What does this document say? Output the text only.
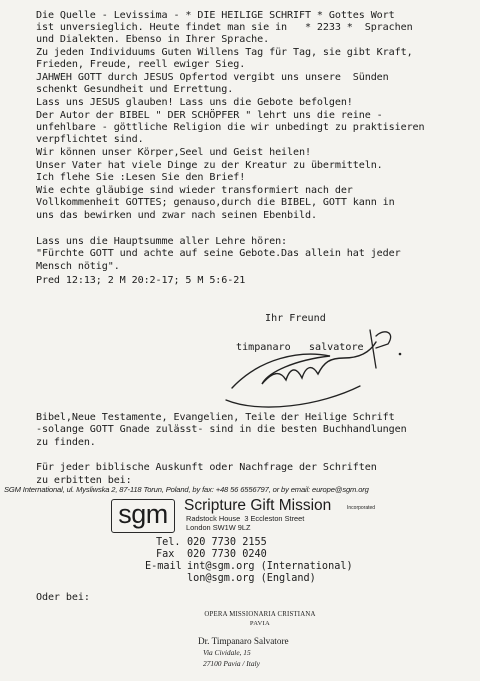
Die Quelle - Levissima - * DIE HEILIGE SCHRIFT * Gottes Wort
ist unversieglich. Heute findet man sie in   * 2233 *  Sprachen
und Dialekten. Ebenso in Ihrer Sprache.
Zu jeden Individuums Guten Willens Tag für Tag, sie gibt Kraft,
Frieden, Freude, reell ewiger Sieg.
JAHWEH GOTT durch JESUS Opfertod vergibt uns unsere  Sünden
schenkt Gesundheit und Errettung.
Lass uns JESUS glauben! Lass uns die Gebote befolgen!
Der Autor der BIBEL " DER SCHÖPFER " lehrt uns die reine -
unfehlbare - göttliche Religion die wir unbedingt zu praktisieren
verpflichtet sind.
Wir können unser Körper,Seel und Geist heilen!
Unser Vater hat viele Dinge zu der Kreatur zu übermitteln.
Ich flehe Sie :Lesen Sie den Brief!
Wie echte gläubige sind wieder transformiert nach der
Vollkommenheit GOTTES; genauso,durch die BIBEL, GOTT kann in
uns das bewirken und zwar nach seinen Ebenbild.
Lass uns die Hauptsumme aller Lehre hören:
"Fürchte GOTT und achte auf seine Gebote.Das allein hat jeder
Mensch nötig".
Pred 12:13; 2 M 20:2-17; 5 M 5:6-21
Ihr Freund
timpanaro   salvatore
Bibel,Neue Testamente, Evangelien, Teile der Heilige Schrift
-solange GOTT Gnade zulässt- sind in die besten Buchhandlungen
zu finden.
Für jeder biblische Auskunft oder Nachfrage der Schriften
zu erbitten bei:
SGM International, ul. Mysliwska 2, 87-118 Torun, Poland, by fax: +48 56 6556797, or by email: europe@sgm.org
sgm	Scripture Gift Mission	Incorporated
Radstock House  3 Eccleston Street
London SW1W 9LZ
Tel. 020 7730 2155
Fax 020 7730 0240
E-mail int@sgm.org (International)
lon@sgm.org (England)
Oder bei:
OPERA MISSIONARIA CRISTIANA
PAVIA
Dr. Timpanaro Salvatore
Via Cividale, 15
27100 Pavia / Italy
